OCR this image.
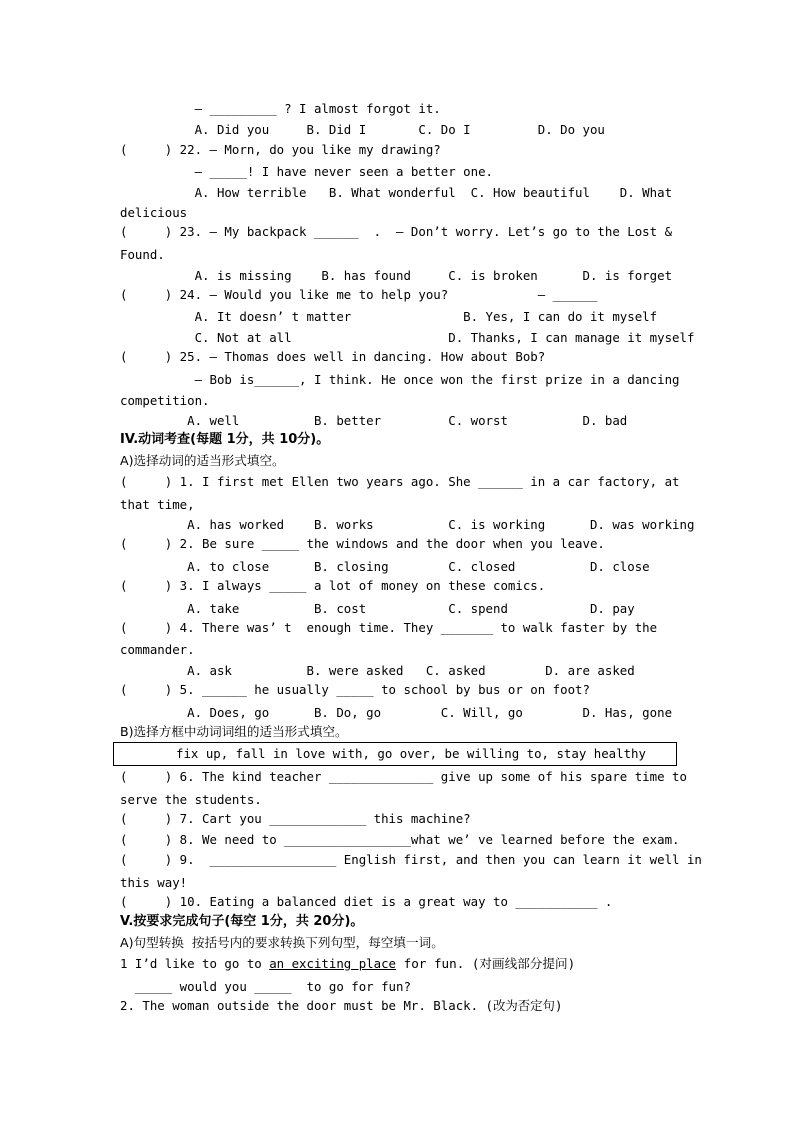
— _________ ? I almost forgot it.
A. Did you     B. Did I       C. Do I         D. Do you
(     ) 22. — Morn, do you like my drawing?
— _____! I have never seen a better one.
A. How terrible   B. What wonderful  C. How beautiful    D. What
delicious
(     ) 23. — My backpack ______  .  — Don’t worry. Let’s go to the Lost &
Found.
A. is missing    B. has found     C. is broken      D. is forget
(     ) 24. — Would you like me to help you?            — ______
A. It doesn’ t matter               B. Yes, I can do it myself
C. Not at all                     D. Thanks, I can manage it myself
(     ) 25. — Thomas does well in dancing. How about Bob?
— Bob is______, I think. He once won the first prize in a dancing
competition.
A. well          B. better         C. worst          D. bad
(     ) 1. I first met Ellen two years ago. She ______ in a car factory, at
that time,
A. has worked    B. works          C. is working      D. was working
(     ) 2. Be sure _____ the windows and the door when you leave.
A. to close      B. closing        C. closed          D. close
(     ) 3. I always _____ a lot of money on these comics.
A. take          B. cost           C. spend           D. pay
(     ) 4. There was’ t  enough time. They _______ to walk faster by the
commander.
A. ask          B. were asked   C. asked        D. are asked
(     ) 5. ______ he usually _____ to school by bus or on foot?
A. Does, go      B. Do, go        C. Will, go        D. Has, gone
(     ) 6. The kind teacher ______________ give up some of his spare time to
serve the students.
(     ) 7. Cart you _____________ this machine?
(     ) 8. We need to _________________what we’ ve learned before the exam.
(     ) 9.  _________________ English first, and then you can learn it well in
this way!
(     ) 10. Eating a balanced diet is a great way to ___________ .
_____ would you _____  to go for fun?
2. The woman outside the door must be Mr. Black. (改为否定句)
IV.动词考查(每题 1分，共 10分)。
V.按要求完成句子(每空 1分，共 20分)。
A)选择动词的适当形式填空。
B)选择方框中动词词组的适当形式填空。
A)句型转换  按括号内的要求转换下列句型，每空填一词。
fix up, fall in love with, go over, be willing to, stay healthy
1 I’d like to go to an exciting place for fun. (对画线部分提问)
